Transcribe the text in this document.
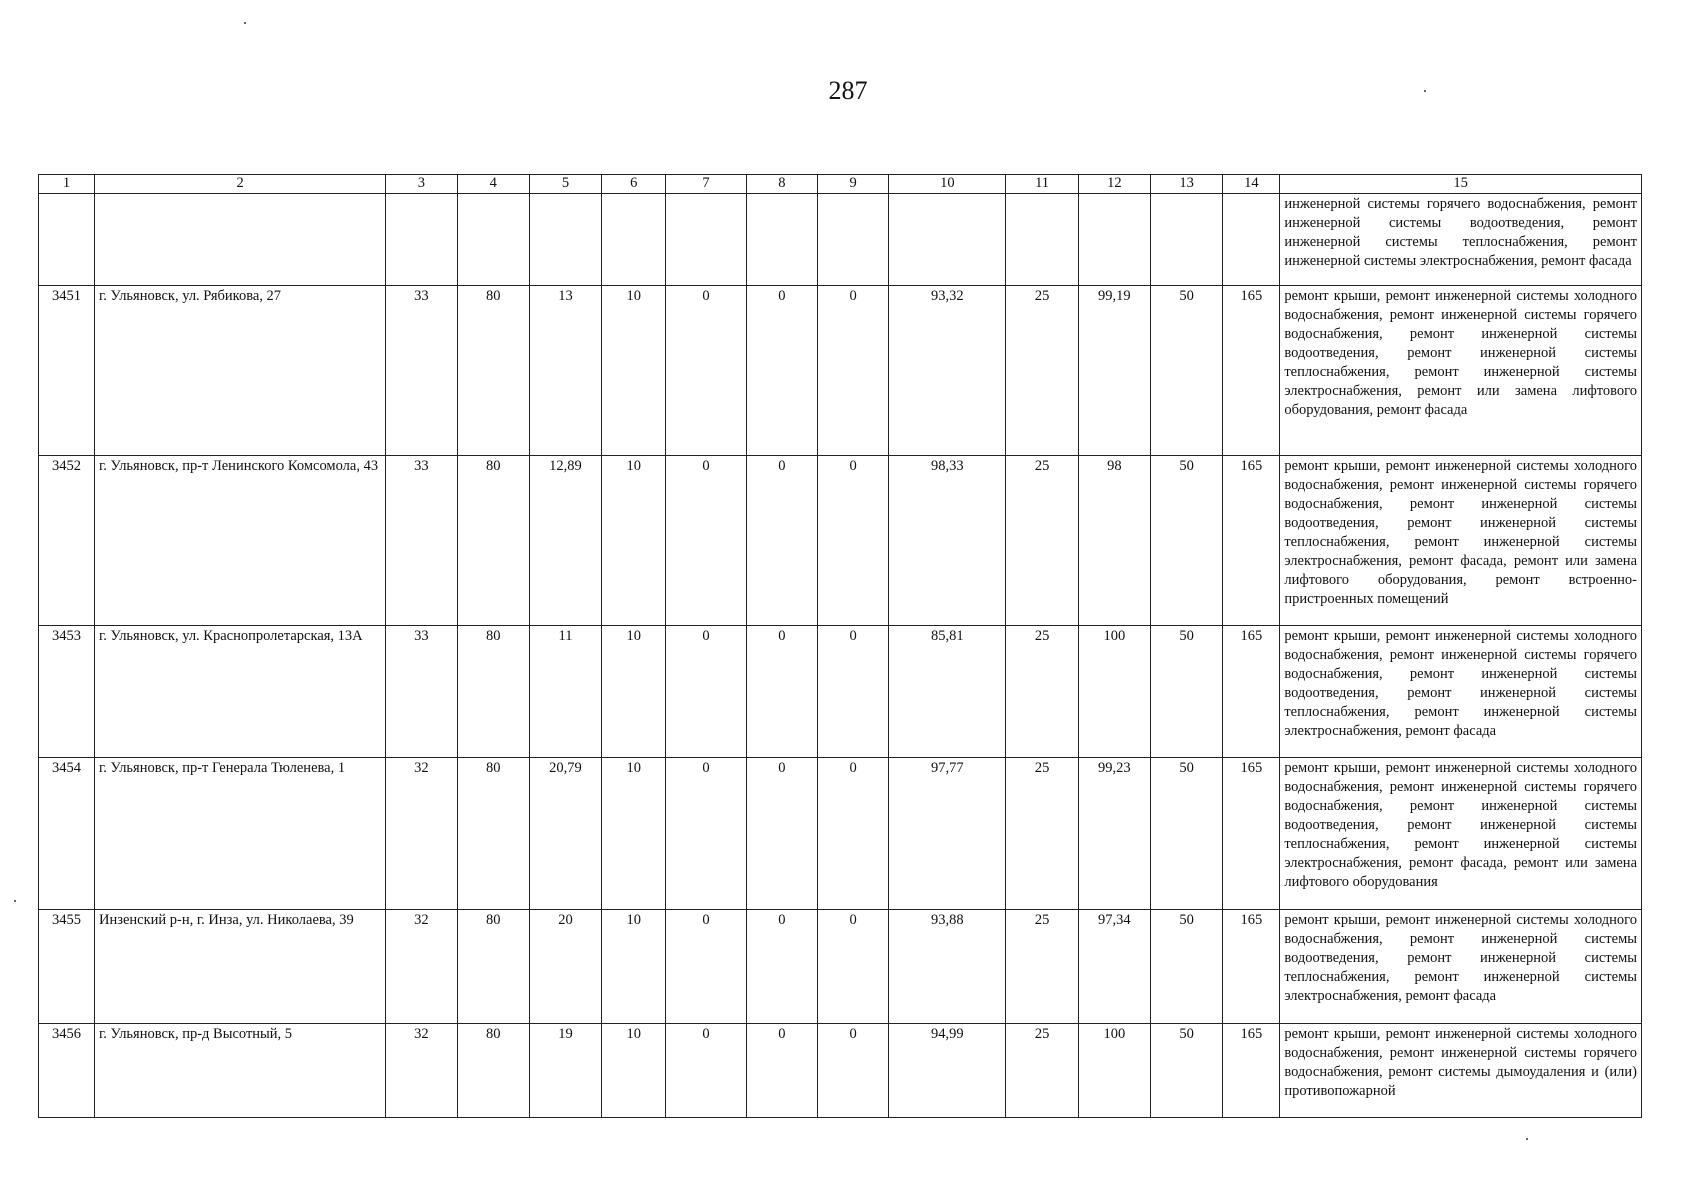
287
1	2	3	4	5	6	7	8	9	10	11	12	13	14	15
														инженерной системы горячего водоснабжения, ремонт инженерной системы водоотведения, ремонт инженерной системы теплоснабжения, ремонт инженерной системы электроснабжения, ремонт фасада
3451	г. Ульяновск, ул. Рябикова, 27	33	80	13	10	0	0	0	93,32	25	99,19	50	165	ремонт крыши, ремонт инженерной системы холодного водоснабжения, ремонт инженерной системы горячего водоснабжения, ремонт инженерной системы водоотведения, ремонт инженерной системы теплоснабжения, ремонт инженерной системы электроснабжения, ремонт или замена лифтового оборудования, ремонт фасада
3452	г. Ульяновск, пр-т Ленинского Комсомола, 43	33	80	12,89	10	0	0	0	98,33	25	98	50	165	ремонт крыши, ремонт инженерной системы холодного водоснабжения, ремонт инженерной системы горячего водоснабжения, ремонт инженерной системы водоотведения, ремонт инженерной системы теплоснабжения, ремонт инженерной системы электроснабжения, ремонт фасада, ремонт или замена лифтового оборудования, ремонт встроенно-пристроенных помещений
3453	г. Ульяновск, ул. Краснопролетарская, 13А	33	80	11	10	0	0	0	85,81	25	100	50	165	ремонт крыши, ремонт инженерной системы холодного водоснабжения, ремонт инженерной системы горячего водоснабжения, ремонт инженерной системы водоотведения, ремонт инженерной системы теплоснабжения, ремонт инженерной системы электроснабжения, ремонт фасада
3454	г. Ульяновск, пр-т Генерала Тюленева, 1	32	80	20,79	10	0	0	0	97,77	25	99,23	50	165	ремонт крыши, ремонт инженерной системы холодного водоснабжения, ремонт инженерной системы горячего водоснабжения, ремонт инженерной системы водоотведения, ремонт инженерной системы теплоснабжения, ремонт инженерной системы электроснабжения, ремонт фасада, ремонт или замена лифтового оборудования
3455	Инзенский р-н, г. Инза, ул. Николаева, 39	32	80	20	10	0	0	0	93,88	25	97,34	50	165	ремонт крыши, ремонт инженерной системы холодного водоснабжения, ремонт инженерной системы водоотведения, ремонт инженерной системы теплоснабжения, ремонт инженерной системы электроснабжения, ремонт фасада
3456	г. Ульяновск, пр-д Высотный, 5	32	80	19	10	0	0	0	94,99	25	100	50	165	ремонт крыши, ремонт инженерной системы холодного водоснабжения, ремонт инженерной системы горячего водоснабжения, ремонт системы дымоудаления и (или) противопожарной
